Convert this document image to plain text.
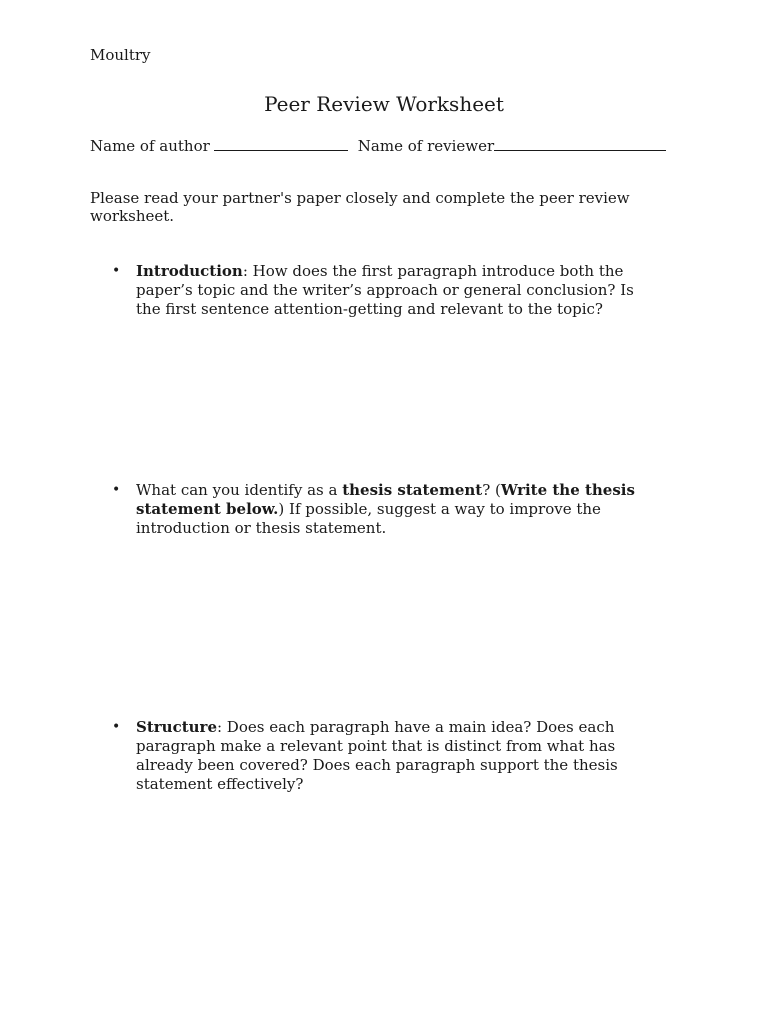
Moultry
Peer Review Worksheet
Name of author	Name of reviewer

Please read your partner's paper closely and complete the peer review worksheet.

•	Introduction: How does the first paragraph introduce both the paper’s topic and the writer’s approach or general conclusion? Is the first sentence attention-getting and relevant to the topic?

•	What can you identify as a thesis statement? (Write the thesis statement below.) If possible, suggest a way to improve the introduction or thesis statement.

•	Structure: Does each paragraph have a main idea? Does each paragraph make a relevant point that is distinct from what has already been covered? Does each paragraph support the thesis statement effectively?
